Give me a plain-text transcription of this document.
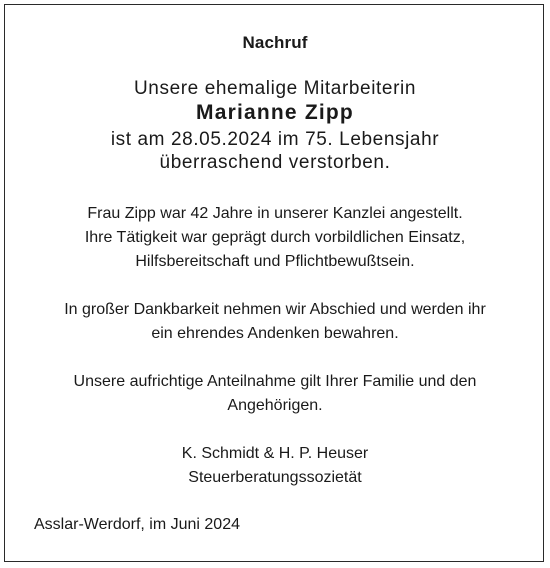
Nachruf
Unsere ehemalige Mitarbeiterin
Marianne Zipp
ist am 28.05.2024 im 75. Lebensjahr
überraschend verstorben.
Frau Zipp war 42 Jahre in unserer Kanzlei angestellt.
Ihre Tätigkeit war geprägt durch vorbildlichen Einsatz,
Hilfsbereitschaft und Pflichtbewußtsein.
In großer Dankbarkeit nehmen wir Abschied und werden ihr
ein ehrendes Andenken bewahren.
Unsere aufrichtige Anteilnahme gilt Ihrer Familie und den
Angehörigen.
K. Schmidt & H. P. Heuser
Steuerberatungssozietät
Asslar-Werdorf, im Juni 2024
